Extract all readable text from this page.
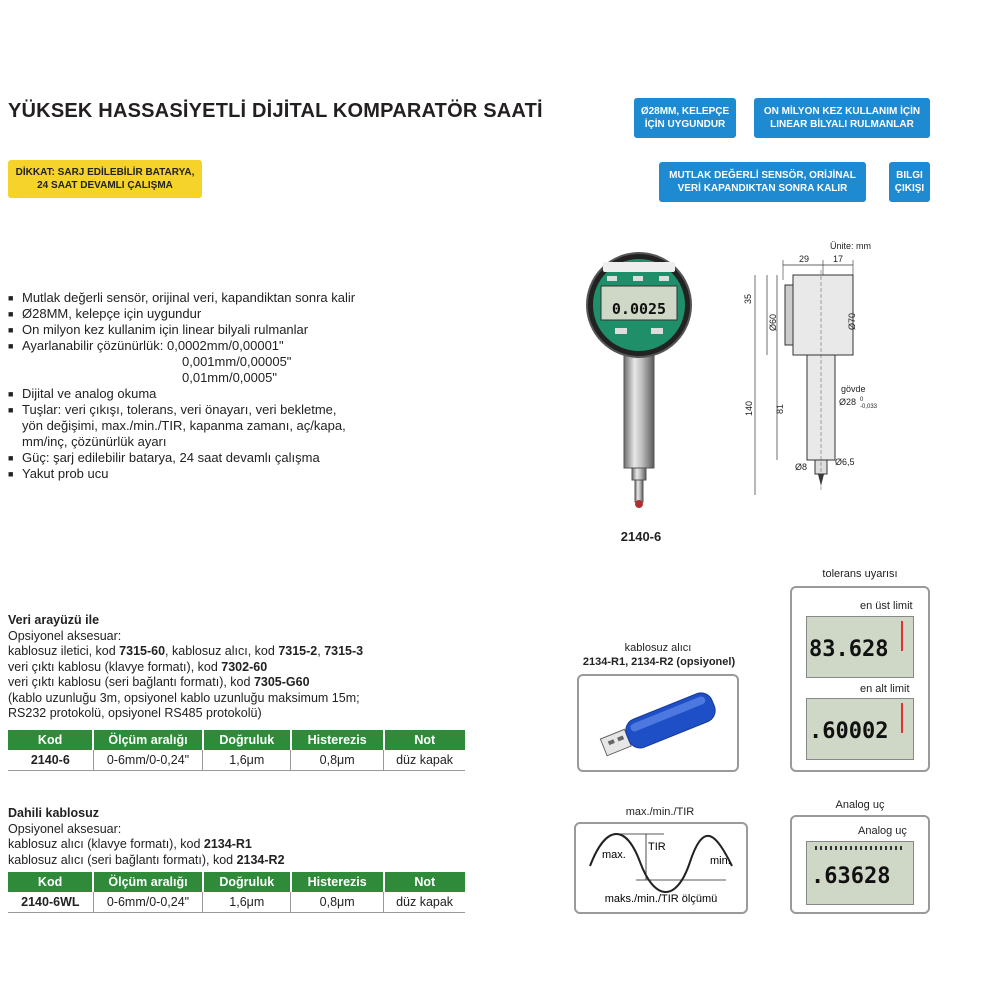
YÜKSEK HASSASİYETLİ DİJİTAL KOMPARATÖR SAATİ
DİKKAT: SARJ EDİLEBİLİR BATARYA,
24 SAAT DEVAMLI ÇALIŞMA
Ø28MM, KELEPÇE
İÇİN UYGUNDUR
ON MİLYON KEZ KULLANIM İÇİN
LINEAR BİLYALI RULMANLAR
MUTLAK DEĞERLİ SENSÖR, ORİJİNAL
VERİ KAPANDIKTAN SONRA KALIR
BILGI
ÇIKIŞI
■ Mutlak değerli sensör, orijinal veri, kapandiktan sonra kalir
■ Ø28MM, kelepçe için uygundur
■ On milyon kez kullanim için linear bilyali rulmanlar
■ Ayarlanabilir çözünürlük: 0,0002mm/0,00001"
0,001mm/0,00005"
0,01mm/0,0005"
■ Dijital ve analog okuma
■ Tuşlar: veri çıkışı, tolerans, veri önayarı, veri bekletme,
yön değişimi, max./min./TIR, kapanma zamanı, aç/kapa,
mm/inç, çözünürlük ayarı
■ Güç: şarj edilebilir batarya, 24 saat devamlı çalışma
■ Yakut prob ucu
0.0025
2140-6
Ünite: mm
29	17
140
35
Ø60
81
Ø70
gövde
Ø28 0
-0,033
Ø8	Ø6,5
Veri arayüzü ile
Opsiyonel aksesuar:
kablosuz iletici, kod 7315-60, kablosuz alıcı, kod 7315-2, 7315-3
veri çıktı kablosu (klavye formatı), kod 7302-60
veri çıktı kablosu (seri bağlantı formatı), kod 7305-G60
(kablo uzunluğu 3m, opsiyonel kablo uzunluğu maksimum 15m;
RS232 protokolü, opsiyonel RS485 protokolü)
Kod	Ölçüm aralığı	Doğruluk	Histerezis	Not
2140-6	0-6mm/0-0,24"	1,6μm	0,8μm	düz kapak
Dahili kablosuz
Opsiyonel aksesuar:
kablosuz alıcı (klavye formatı), kod 2134-R1
kablosuz alıcı (seri bağlantı formatı), kod 2134-R2
Kod	Ölçüm aralığı	Doğruluk	Histerezis	Not
2140-6WL	0-6mm/0-0,24"	1,6μm	0,8μm	düz kapak
kablosuz alıcı
2134-R1, 2134-R2 (opsiyonel)
tolerans uyarısı
en üst limit
83.628
en alt limit
.60002
max./min./TIR
TIR
max.	min.
maks./min./TIR ölçümü
Analog uç
Analog uç
.63628
